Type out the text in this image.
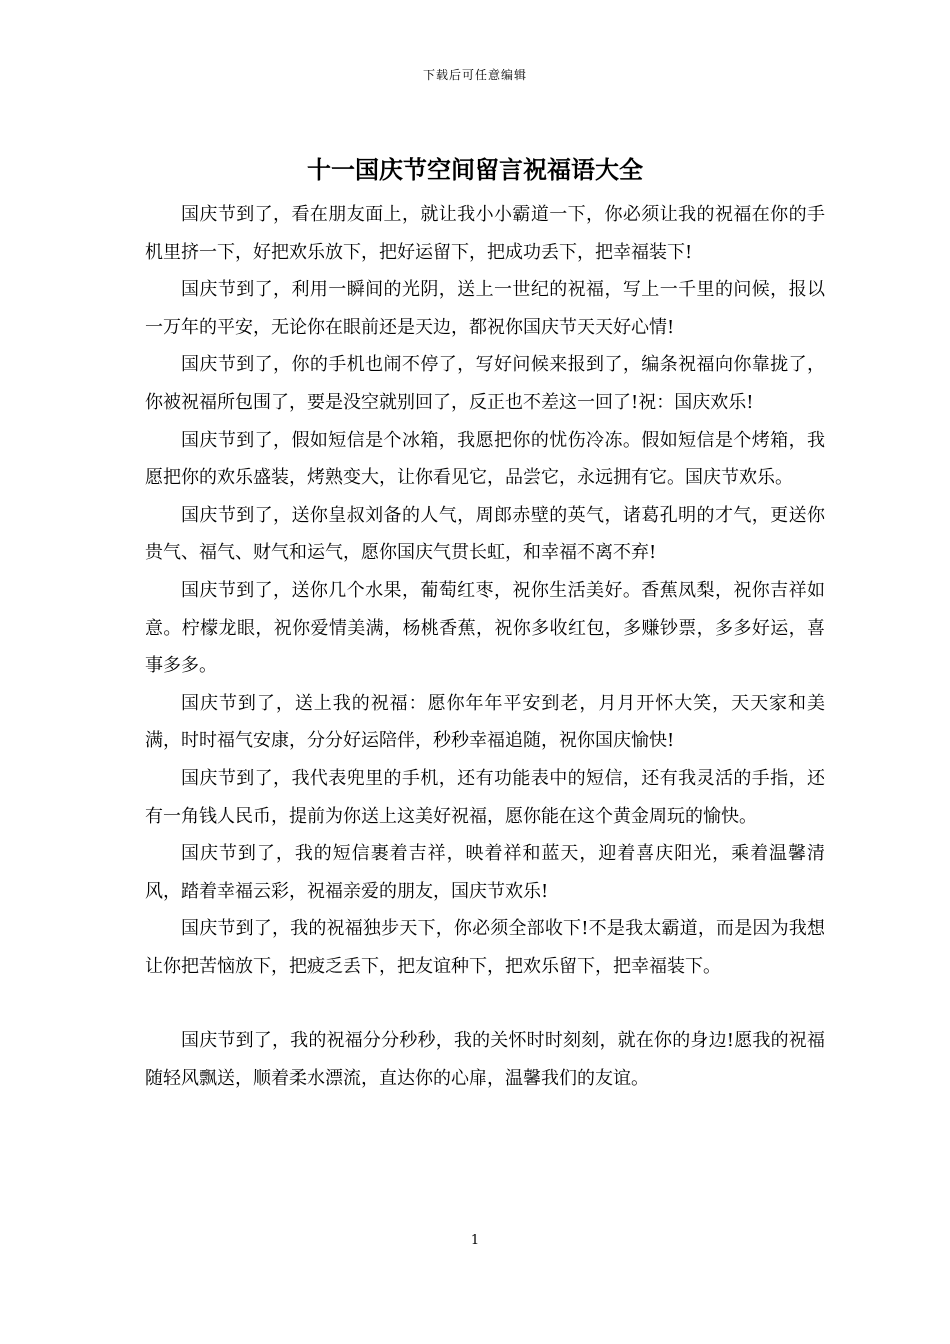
下载后可任意编辑
十一国庆节空间留言祝福语大全

国庆节到了，看在朋友面上，就让我小小霸道一下，你必须让我的祝福在你的手机里挤一下，好把欢乐放下，把好运留下，把成功丢下，把幸福装下!

国庆节到了，利用一瞬间的光阴，送上一世纪的祝福，写上一千里的问候，报以一万年的平安，无论你在眼前还是天边，都祝你国庆节天天好心情!

国庆节到了，你的手机也闹不停了，写好问候来报到了，编条祝福向你靠拢了，你被祝福所包围了，要是没空就别回了，反正也不差这一回了!祝：国庆欢乐!

国庆节到了，假如短信是个冰箱，我愿把你的忧伤冷冻。假如短信是个烤箱，我愿把你的欢乐盛装，烤熟变大，让你看见它，品尝它，永远拥有它。国庆节欢乐。

国庆节到了，送你皇叔刘备的人气，周郎赤壁的英气，诸葛孔明的才气，更送你贵气、福气、财气和运气，愿你国庆气贯长虹，和幸福不离不弃!

国庆节到了，送你几个水果，葡萄红枣，祝你生活美好。香蕉凤梨，祝你吉祥如意。柠檬龙眼，祝你爱情美满，杨桃香蕉，祝你多收红包，多赚钞票，多多好运，喜事多多。

国庆节到了，送上我的祝福：愿你年年平安到老，月月开怀大笑，天天家和美满，时时福气安康，分分好运陪伴，秒秒幸福追随，祝你国庆愉快!

国庆节到了，我代表兜里的手机，还有功能表中的短信，还有我灵活的手指，还有一角钱人民币，提前为你送上这美好祝福，愿你能在这个黄金周玩的愉快。

国庆节到了，我的短信裹着吉祥，映着祥和蓝天，迎着喜庆阳光，乘着温馨清风，踏着幸福云彩，祝福亲爱的朋友，国庆节欢乐!

国庆节到了，我的祝福独步天下，你必须全部收下!不是我太霸道，而是因为我想让你把苦恼放下，把疲乏丢下，把友谊种下，把欢乐留下，把幸福装下。

国庆节到了，我的祝福分分秒秒，我的关怀时时刻刻，就在你的身边!愿我的祝福随轻风飘送，顺着柔水漂流，直达你的心扉，温馨我们的友谊。

1
